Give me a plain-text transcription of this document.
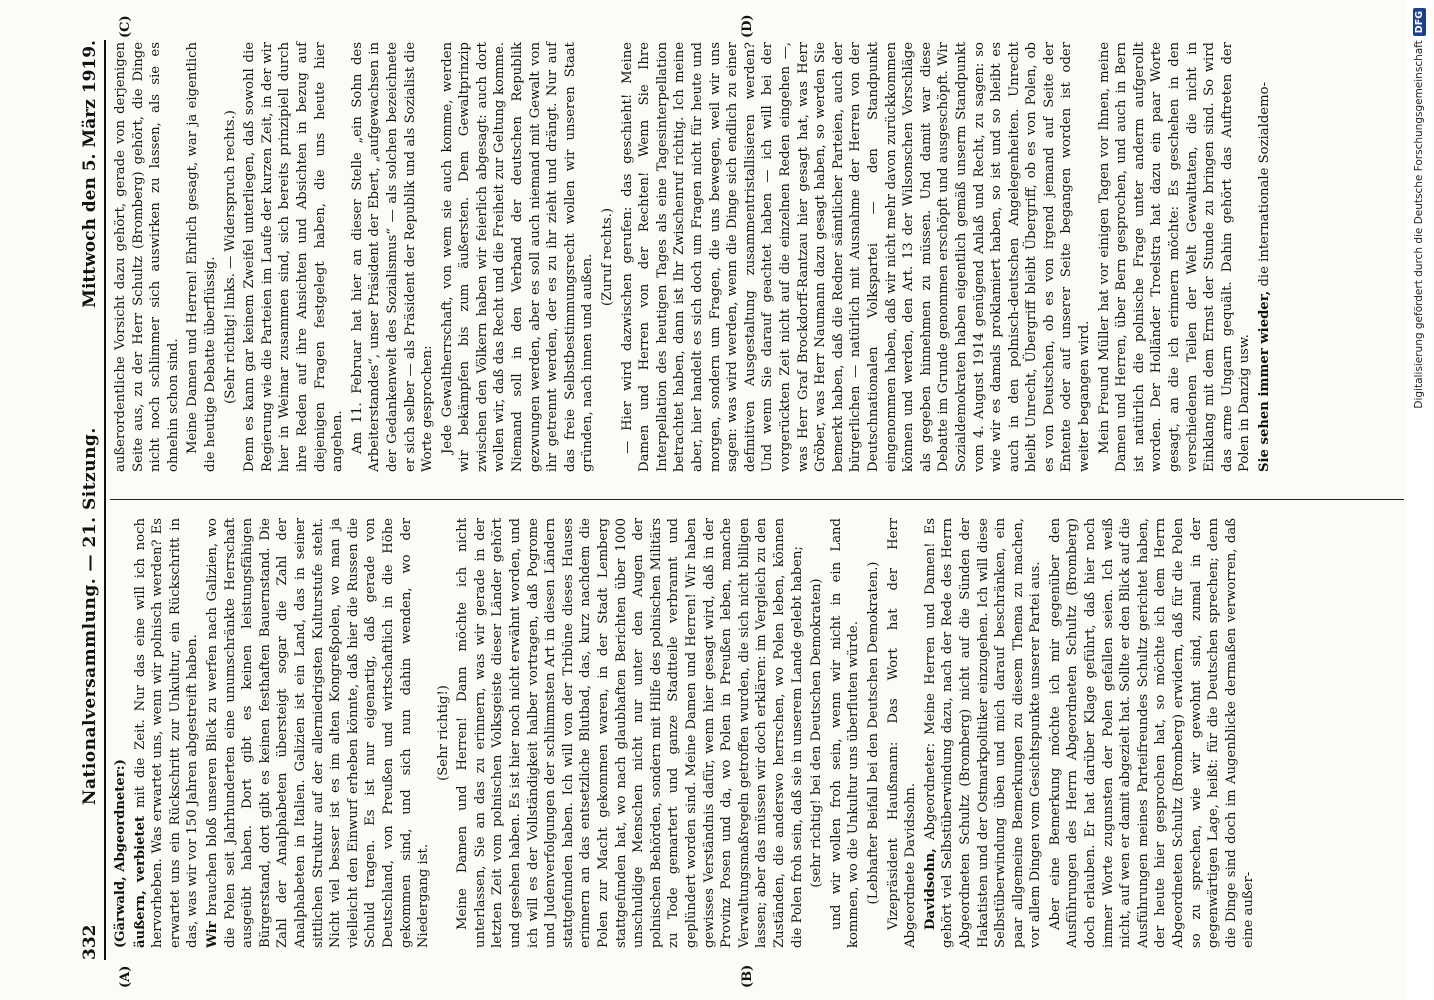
332
Nationalversammlung. — 21. Sitzung.
Mittwoch den 5. März 1919.
(A)	(B)
(C)	(D)

(Gärwald, Abgeordneter:) äußern, verbietet mit die Zeit. Nur das eine will ich noch hervorheben. Was erwartet uns, wenn wir polnisch werden? Es erwartet uns ein Rückschritt zur Unkultur, ein Rückschritt in das, was wir vor 150 Jahren abgestreift haben. Wir brauchen bloß unseren Blick zu werfen nach Galizien, wo die Polen seit Jahrhunderten eine unumschränkte Herrschaft ausgeübt haben. Dort gibt es keinen leistungsfähigen Bürgerstand, dort gibt es keinen festhaften Bauernstand. Die Zahl der Analphabeten übersteigt sogar die Zahl der Analphabeten in Italien. Galizien ist ein Land, das in seiner sittlichen Struktur auf der allerniedrigsten Kulturstufe steht. Nicht viel besser ist es im alten Kongreßpolen, wo man ja vielleicht den Einwurf erheben könnte, daß hier die Russen die Schuld tragen. Es ist nur eigenartig, daß gerade von Deutschland, von Preußen und wirtschaftlich in die Höhe gekommen sind, und sich nun dahin wenden, wo der Niedergang ist.

(Sehr richtig!) Meine Damen und Herren! Dann möchte ich nicht unterlassen, Sie an das zu erinnern, was wir gerade in der letzten Zeit vom polnischen Volksgeiste dieser Länder gehört und gesehen haben. Es ist hier noch nicht erwähnt worden, und ich will es der Vollständigkeit halber vortragen, daß Pogrome und Judenverfolgungen der schlimmsten Art in diesen Ländern stattgefunden haben. Ich will von der Tribüne dieses Hauses erinnern an das entsetzliche Blutbad, das, kurz nachdem die Polen zur Macht gekommen waren, in der Stadt Lemberg stattgefunden hat, wo nach glaubhaften Berichten über 1000 unschuldige Menschen nicht nur unter den Augen der polnischen Behörden, sondern mit Hilfe des polnischen Militärs zu Tode gemartert und ganze Stadtteile verbrannt und geplündert worden sind. Meine Damen und Herren! Wir haben gewisses Verständnis dafür, wenn hier gesagt wird, daß in der Provinz Posen und da, wo Polen in Preußen leben, manche Verwaltungsmaßregeln getroffen wurden, die sich nicht billigen lassen; aber das müssen wir doch erklären: im Vergleich zu den Zuständen, die anderswo herrschen, wo Polen leben, können die Polen froh sein, daß sie in unserem Lande gelebt haben; (sehr richtig! bei den Deutschen Demokraten) und wir wollen froh sein, wenn wir nicht in ein Land kommen, wo die Unkultur uns überfluten würde. (Lebhafter Beifall bei den Deutschen Demokraten.) Vizepräsident Haußmann: Das Wort hat der Herr Abgeordnete Davidsohn. Davidsohn, Abgeordneter: Meine Herren und Damen! Es gehört viel Selbstüberwindung dazu, nach der Rede des Herrn Abgeordneten Schultz (Bromberg) nicht auf die Sünden der Hakatisten und der Ostmarkpolitiker einzugehen. Ich will diese Selbstüberwindung üben und mich darauf beschränken, ein paar allgemeine Bemerkungen zu diesem Thema zu machen, vor allem Dingen vom Gesichtspunkte unserer Partei aus. Aber eine Bemerkung möchte ich mir gegenüber den Ausführungen des Herrn Abgeordneten Schultz (Bromberg) doch erlauben. Er hat darüber Klage geführt, daß hier noch immer Worte zugunsten der Polen gefallen seien. Ich weiß nicht, auf wen er damit abgezielt hat. Sollte er den Blick auf die Ausführungen meines Parteifreundes Schultz gerichtet haben, der heute hier gesprochen hat, so möchte ich dem Herrn Abgeordneten Schultz (Bromberg) erwidern, daß für die Polen so zu sprechen, wie wir gewohnt sind, zumal in der gegenwärtigen Lage, heißt: für die Deutschen sprechen; denn die Dinge sind doch im Augenblicke dermaßen verworren, daß eine außer-

außerordentliche Vorsicht dazu gehört, gerade von derjenigen Seite aus, zu der Herr Schultz (Bromberg) gehört, die Dinge nicht noch schlimmer sich auswirken zu lassen, als sie es ohnehin schon sind. Meine Damen und Herren! Ehrlich gesagt, war ja eigentlich die heutige Debatte überflüssig. (Sehr richtig! links. — Widerspruch rechts.) Denn es kann gar keinem Zweifel unterliegen, daß sowohl die Regierung wie die Parteien im Laufe der kurzen Zeit, in der wir hier in Weimar zusammen sind, sich bereits prinzipiell durch ihre Reden auf ihre Ansichten und Absichten in bezug auf diejenigen Fragen festgelegt haben, die uns heute hier angehen. Am 11. Februar hat hier an dieser Stelle „ein Sohn des Arbeiterstandes“, unser Präsident der Ebert, „aufgewachsen in der Gedankenwelt des Sozialismus“ — als solchen bezeichnete er sich selber — als Präsident der Republik und als Sozialist die Worte gesprochen: Jede Gewaltherrschaft, von wem sie auch komme, werden wir bekämpfen bis zum äußersten. Dem Gewaltprinzip zwischen den Völkern haben wir feierlich abgesagt: auch dort wollen wir, daß das Recht und die Freiheit zur Geltung komme. Niemand soll in den Verband der deutschen Republik gezwungen werden, aber es soll auch niemand mit Gewalt von ihr getrennt werden, der es zu ihr zieht und drängt. Nur auf das freie Selbstbestimmungsrecht wollen wir unseren Staat gründen, nach innen und außen. (Zuruf rechts.) — Hier wird dazwischen gerufen: das geschieht! Meine Damen und Herren von der Rechten! Wenn Sie Ihre Interpellation des heutigen Tages als eine Tagesinterpellation betrachtet haben, dann ist Ihr Zwischenruf richtig. Ich meine aber, hier handelt es sich doch um Fragen nicht für heute und morgen, sondern um Fragen, die uns bewegen, weil wir uns sagen: was wird werden, wenn die Dinge sich endlich zu einer definitiven Ausgestaltung zusammentristallisieren werden? Und wenn Sie darauf geachtet haben — ich will bei der vorgerückten Zeit nicht auf die einzelnen Reden eingehen —, was Herr Graf Brockdorff-Rantzau hier gesagt hat, was Herr Gröber, was Herr Naumann dazu gesagt haben, so werden Sie bemerkt haben, daß die Redner sämtlicher Parteien, auch der bürgerlichen — natürlich mit Ausnahme der Herren von der Deutschnationalen Volkspartei — den Standpunkt eingenommen haben, daß wir nicht mehr davon zurückkommen können und werden, den Art. 13 der Wilsonschen Vorschläge als gegeben hinnehmen zu müssen. Und damit war diese Debatte im Grunde genommen erschöpft und ausgeschöpft. Wir Sozialdemokraten haben eigentlich gemäß unserm Standpunkt vom 4. August 1914 genügend Anlaß und Recht, zu sagen: so wie wir es damals proklamiert haben, so ist und so bleibt es auch in den polnisch-deutschen Angelegenheiten. Unrecht bleibt Unrecht, Übergriff bleibt Übergriff, ob es von Polen, ob es von Deutschen, ob es von irgend jemand auf Seite der Entente oder auf unserer Seite begangen worden ist oder weiter begangen wird. Mein Freund Müller hat vor einigen Tagen vor Ihnen, meine Damen und Herren, über Bern gesprochen, und auch in Bern ist natürlich die polnische Frage unter anderm aufgerollt worden. Der Holländer Troelstra hat dazu ein paar Worte gesagt, an die ich erinnern möchte: Es geschehen in den verschiedenen Teilen der Welt Gewalttaten, die nicht in Einklang mit dem Ernst der Stunde zu bringen sind. So wird das arme Ungarn gequält. Dahin gehört das Auftreten der Polen in Danzig usw. Sie sehen immer wieder, die internationale Sozialdemo-	Digitalisierung gefördert durch die Deutsche Forschungsgemeinschaft
DFG
